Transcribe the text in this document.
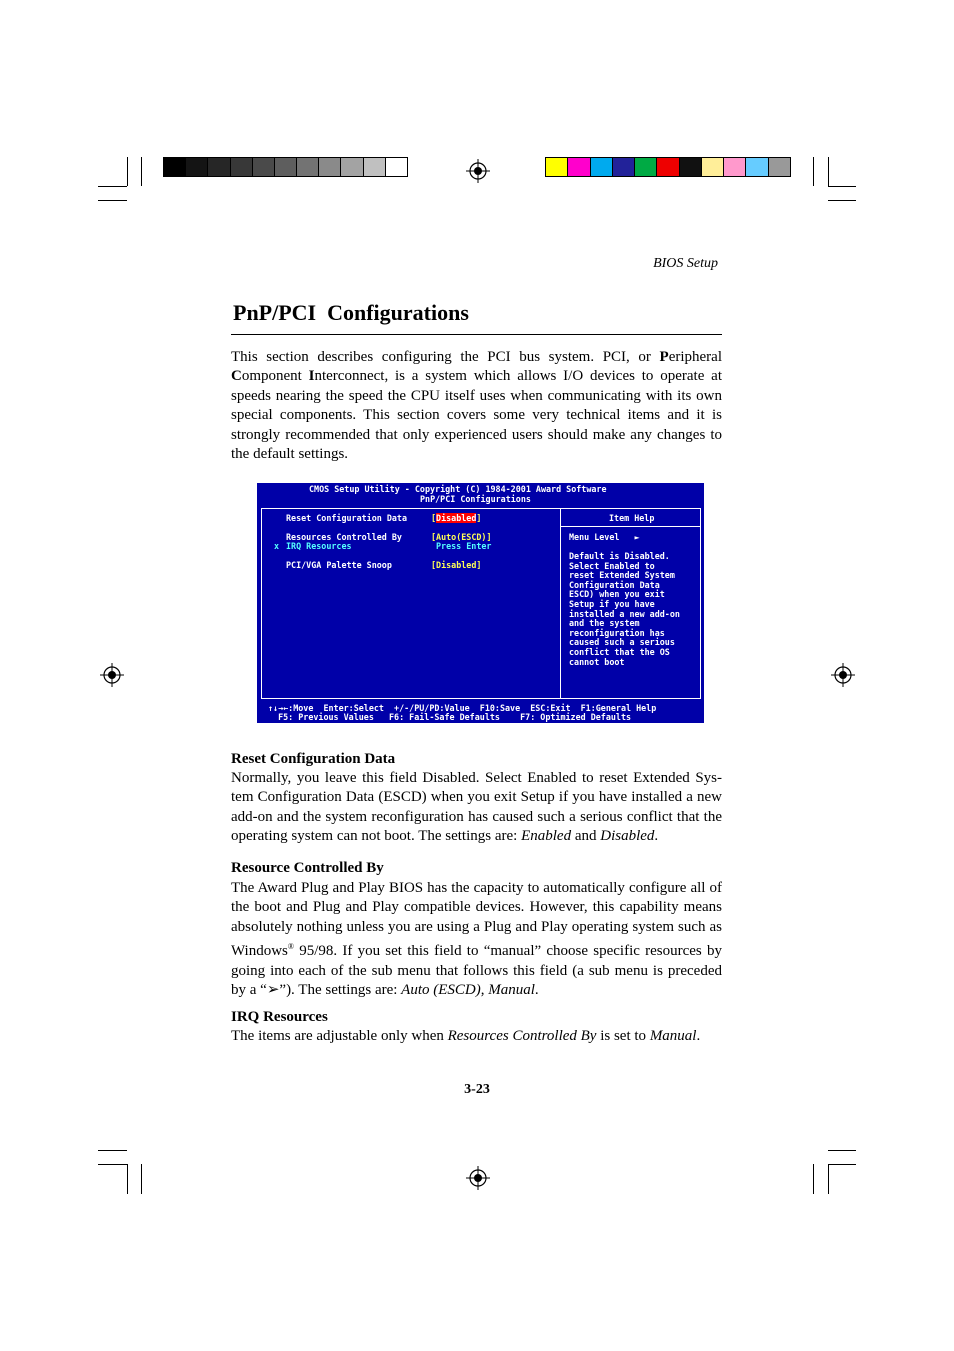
BIOS Setup
PnP/PCI  Configurations
This section describes configuring the PCI bus system. PCI, or Peripheral Component Interconnect, is a system which allows I/O devices to operate at speeds nearing the speed the CPU itself uses when communicating with its own special components. This section covers some very technical items and it is strongly recommended that only experienced users should make any changes to the default settings.
CMOS Setup Utility - Copyright (C) 1984-2001 Award Software
PnP/PCI Configurations
Reset Configuration Data	[Disabled]
Resources Controlled By	[Auto(ESCD)]
x IRQ Resources	Press Enter
PCI/VGA Palette Snoop	[Disabled]
Item Help
Menu Level   ►
Default is Disabled.
Select Enabled to
reset Extended System
Configuration Data
ESCD) when you exit
Setup if you have
installed a new add-on
and the system
reconfiguration has
caused such a serious
conflict that the OS
cannot boot
↑↓→←:Move  Enter:Select  +/-/PU/PD:Value  F10:Save  ESC:Exit  F1:General Help
F5: Previous Values   F6: Fail-Safe Defaults    F7: Optimized Defaults
Reset Configuration Data
Normally, you leave this field Disabled. Select Enabled to reset Extended Sys-tem Configuration Data (ESCD) when you exit Setup if you have installed a new add-on and the system reconfiguration has caused such a serious conflict that the operating system can not boot. The settings are: Enabled and Disabled.
Resource Controlled By
The Award Plug and Play BIOS has the capacity to automatically configure all of the boot and Plug and Play compatible devices. However, this capability means absolutely nothing unless you are using a Plug and Play operating system such as Windows® 95/98. If you set this field to “manual” choose specific resources by going into each of the sub menu that follows this field (a sub menu is preceded by a “➢”). The settings are: Auto (ESCD), Manual.
IRQ Resources
The items are adjustable only when Resources Controlled By is set to Manual.
3-23
